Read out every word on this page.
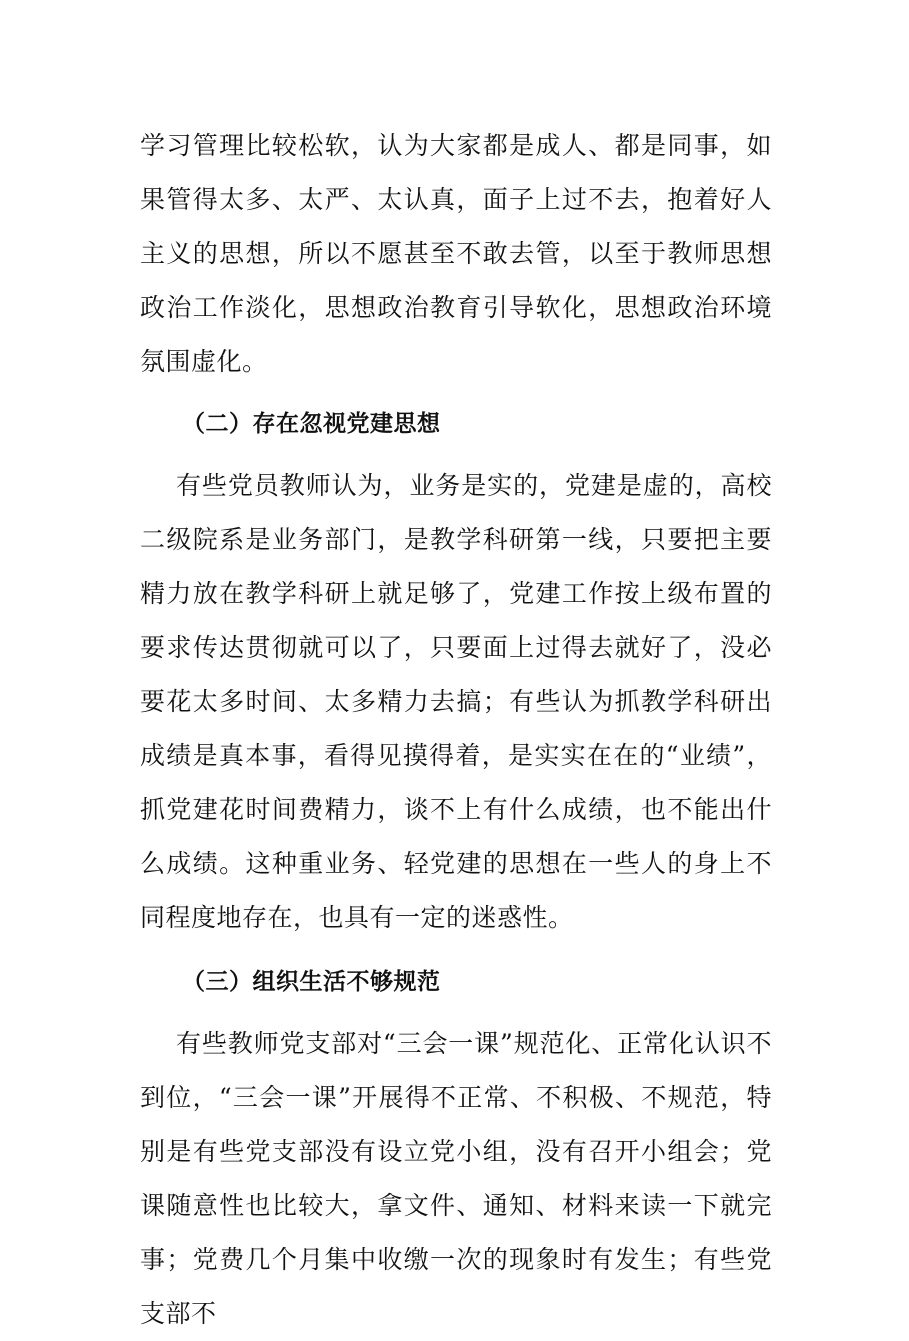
学习管理比较松软，认为大家都是成人、都是同事，如果管得太多、太严、太认真，面子上过不去，抱着好人主义的思想，所以不愿甚至不敢去管，以至于教师思想政治工作淡化，思想政治教育引导软化，思想政治环境氛围虚化。

（二）存在忽视党建思想

有些党员教师认为，业务是实的，党建是虚的，高校二级院系是业务部门，是教学科研第一线，只要把主要精力放在教学科研上就足够了，党建工作按上级布置的要求传达贯彻就可以了，只要面上过得去就好了，没必要花太多时间、太多精力去搞；有些认为抓教学科研出成绩是真本事，看得见摸得着，是实实在在的“业绩”，抓党建花时间费精力，谈不上有什么成绩，也不能出什么成绩。这种重业务、轻党建的思想在一些人的身上不同程度地存在，也具有一定的迷惑性。

（三）组织生活不够规范

有些教师党支部对“三会一课”规范化、正常化认识不到位，“三会一课”开展得不正常、不积极、不规范，特别是有些党支部没有设立党小组，没有召开小组会；党课随意性也比较大，拿文件、通知、材料来读一下就完事；党费几个月集中收缴一次的现象时有发生；有些党支部不
